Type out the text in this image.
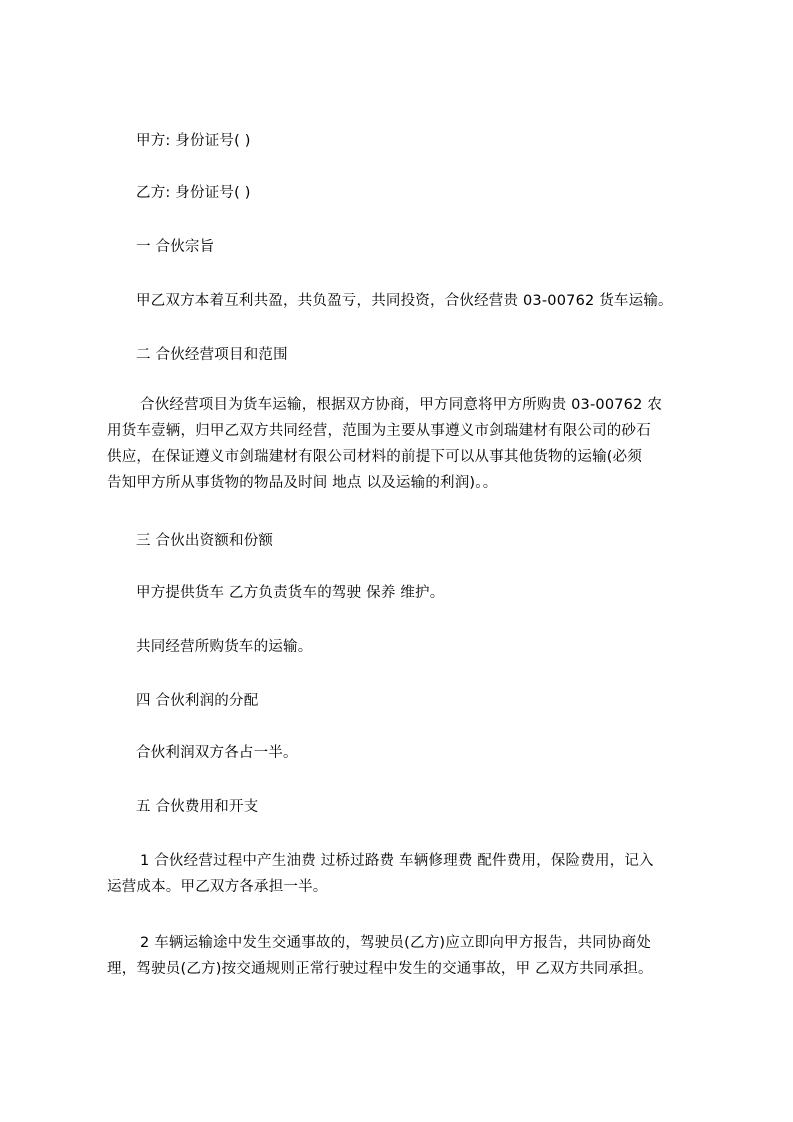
甲方: 身份证号( )
乙方: 身份证号( )
一 合伙宗旨
甲乙双方本着互利共盈，共负盈亏，共同投资，合伙经营贵 03-00762 货车运输。
二 合伙经营项目和范围
合伙经营项目为货车运输，根据双方协商，甲方同意将甲方所购贵 03-00762 农
用货车壹辆，归甲乙双方共同经营，范围为主要从事遵义市剑瑞建材有限公司的砂石
供应，在保证遵义市剑瑞建材有限公司材料的前提下可以从事其他货物的运输(必须
告知甲方所从事货物的物品及时间 地点 以及运输的利润)。。
三 合伙出资额和份额
甲方提供货车 乙方负责货车的驾驶 保养 维护。
共同经营所购货车的运输。
四 合伙利润的分配
合伙利润双方各占一半。
五 合伙费用和开支
1 合伙经营过程中产生油费 过桥过路费 车辆修理费 配件费用，保险费用，记入
运营成本。甲乙双方各承担一半。
2 车辆运输途中发生交通事故的，驾驶员(乙方)应立即向甲方报告，共同协商处
理，驾驶员(乙方)按交通规则正常行驶过程中发生的交通事故，甲 乙双方共同承担。
